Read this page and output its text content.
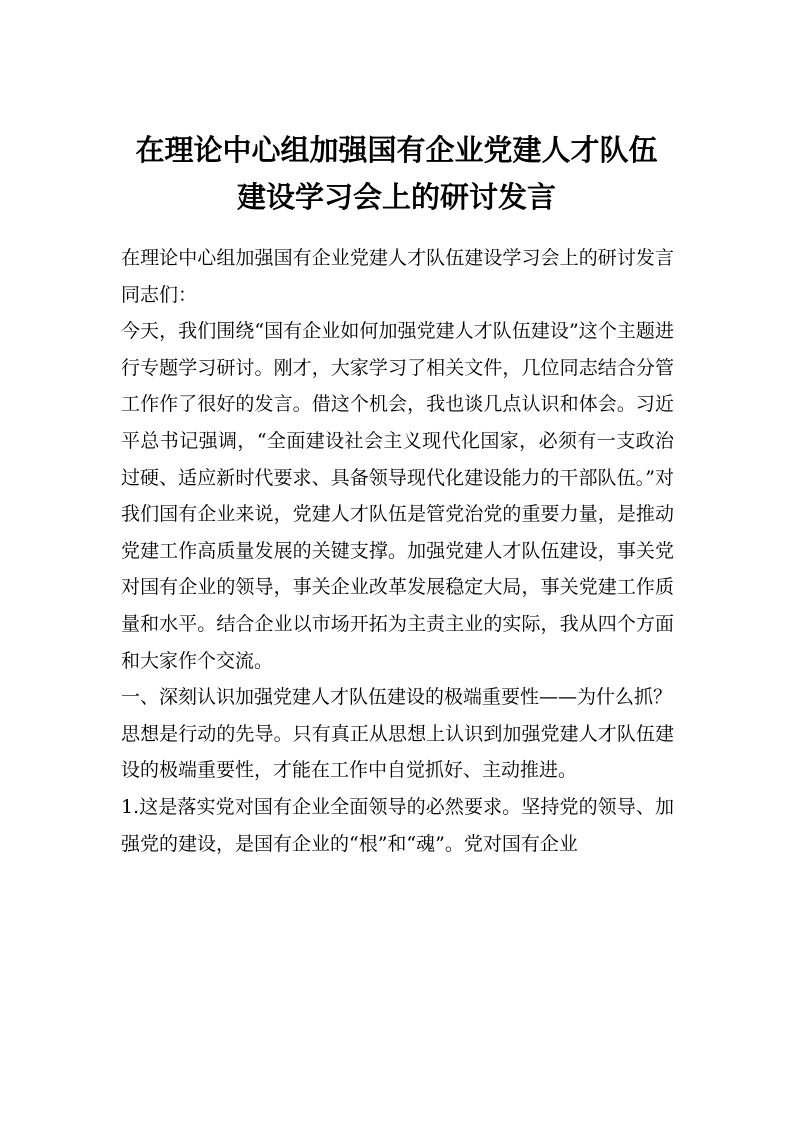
在理论中心组加强国有企业党建人才队伍
建设学习会上的研讨发言

在理论中心组加强国有企业党建人才队伍建设学习会上的研讨发言同志们：

今天，我们围绕“国有企业如何加强党建人才队伍建设”这个主题进行专题学习研讨。刚才，大家学习了相关文件，几位同志结合分管工作作了很好的发言。借这个机会，我也谈几点认识和体会。习近平总书记强调，“全面建设社会主义现代化国家，必须有一支政治过硬、适应新时代要求、具备领导现代化建设能力的干部队伍。”对我们国有企业来说，党建人才队伍是管党治党的重要力量，是推动党建工作高质量发展的关键支撑。加强党建人才队伍建设，事关党对国有企业的领导，事关企业改革发展稳定大局，事关党建工作质量和水平。结合企业以市场开拓为主责主业的实际，我从四个方面和大家作个交流。

一、深刻认识加强党建人才队伍建设的极端重要性——为什么抓？

思想是行动的先导。只有真正从思想上认识到加强党建人才队伍建设的极端重要性，才能在工作中自觉抓好、主动推进。

1.这是落实党对国有企业全面领导的必然要求。坚持党的领导、加强党的建设，是国有企业的“根”和“魂”。党对国有企业
